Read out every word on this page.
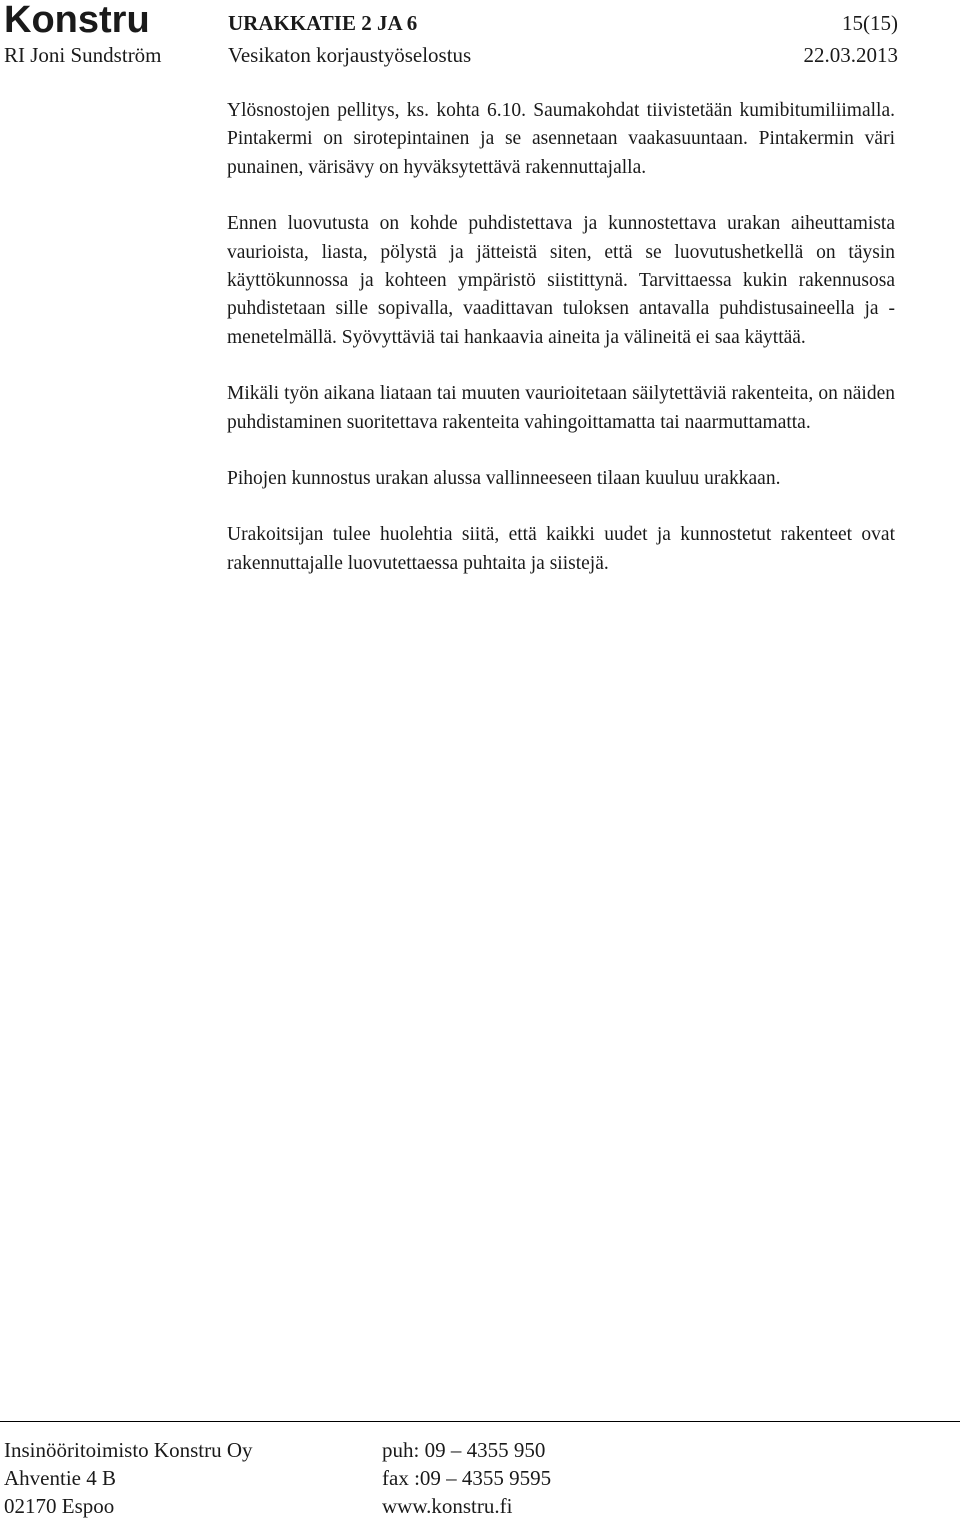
Konstru	URAKKATIE 2 JA 6	15(15)
RI Joni Sundström	Vesikaton korjaustyöselostus	22.03.2013

Ylösnostojen pellitys, ks. kohta 6.10. Saumakohdat tiivistetään kumibitumiliimalla. Pintakermi on sirotepintainen ja se asennetaan vaakasuuntaan. Pintakermin väri punainen, värisävy on hyväksytettävä rakennuttajalla.

Ennen luovutusta on kohde puhdistettava ja kunnostettava urakan aiheuttamista vaurioista, liasta, pölystä ja jätteistä siten, että se luovutushetkellä on täysin käyttökunnossa ja kohteen ympäristö siistittynä. Tarvittaessa kukin rakennusosa puhdistetaan sille sopivalla, vaadittavan tuloksen antavalla puhdistusaineella ja -menetelmällä. Syövyttäviä tai hankaavia aineita ja välineitä ei saa käyttää.

Mikäli työn aikana liataan tai muuten vaurioitetaan säilytettäviä rakenteita, on näiden puhdistaminen suoritettava rakenteita vahingoittamatta tai naarmuttamatta.

Pihojen kunnostus urakan alussa vallinneeseen tilaan kuuluu urakkaan.

Urakoitsijan tulee huolehtia siitä, että kaikki uudet ja kunnostetut rakenteet ovat rakennuttajalle luovutettaessa puhtaita ja siistejä.

Insinööritoimisto Konstru Oy
Ahventie 4 B
02170 Espoo
puh: 09 – 4355 950
fax :09 – 4355 9595
www.konstru.fi
